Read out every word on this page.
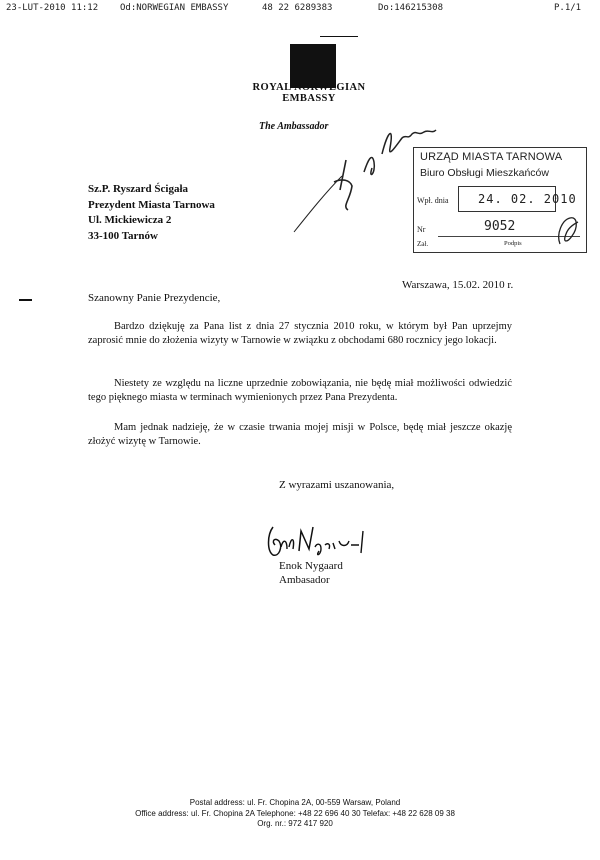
23-LUT-2010 11:12

Od:NORWEGIAN EMBASSY

	48 22 6289383

	Do:146215308

	P.1/1

ROYAL NORWEGIAN EMBASSY
The Ambassador
Sz.P. Ryszard Ścigała
Prezydent Miasta Tarnowa
Ul. Mickiewicza 2
33-100 Tarnów
URZĄD MIASTA TARNOWA
Biuro Obsługi Mieszkańców
Wpł. dnia 24. 02. 2010
Nr	9052
Zał.	Podpis
Warszawa, 15.02. 2010 r.
Szanowny Panie Prezydencie,
Bardzo dziękuję za Pana list z dnia 27 stycznia 2010 roku, w którym był Pan uprzejmy zaprosić mnie do złożenia wizyty w Tarnowie w związku z obchodami 680 rocznicy jego lokacji.
Niestety ze względu na liczne uprzednie zobowiązania, nie będę miał możliwości odwiedzić tego pięknego miasta w terminach wymienionych przez Pana Prezydenta.
Mam jednak nadzieję, że w czasie trwania mojej misji w Polsce, będę miał jeszcze okazję złożyć wizytę w Tarnowie.
Z wyrazami uszanowania,
Enok Nygaard
Ambasador
Postal address: ul. Fr. Chopina 2A, 00-559 Warsaw, Poland
Office address: ul. Fr. Chopina 2A Telephone: +48 22 696 40 30 Telefax: +48 22 628 09 38
Org. nr.: 972 417 920
